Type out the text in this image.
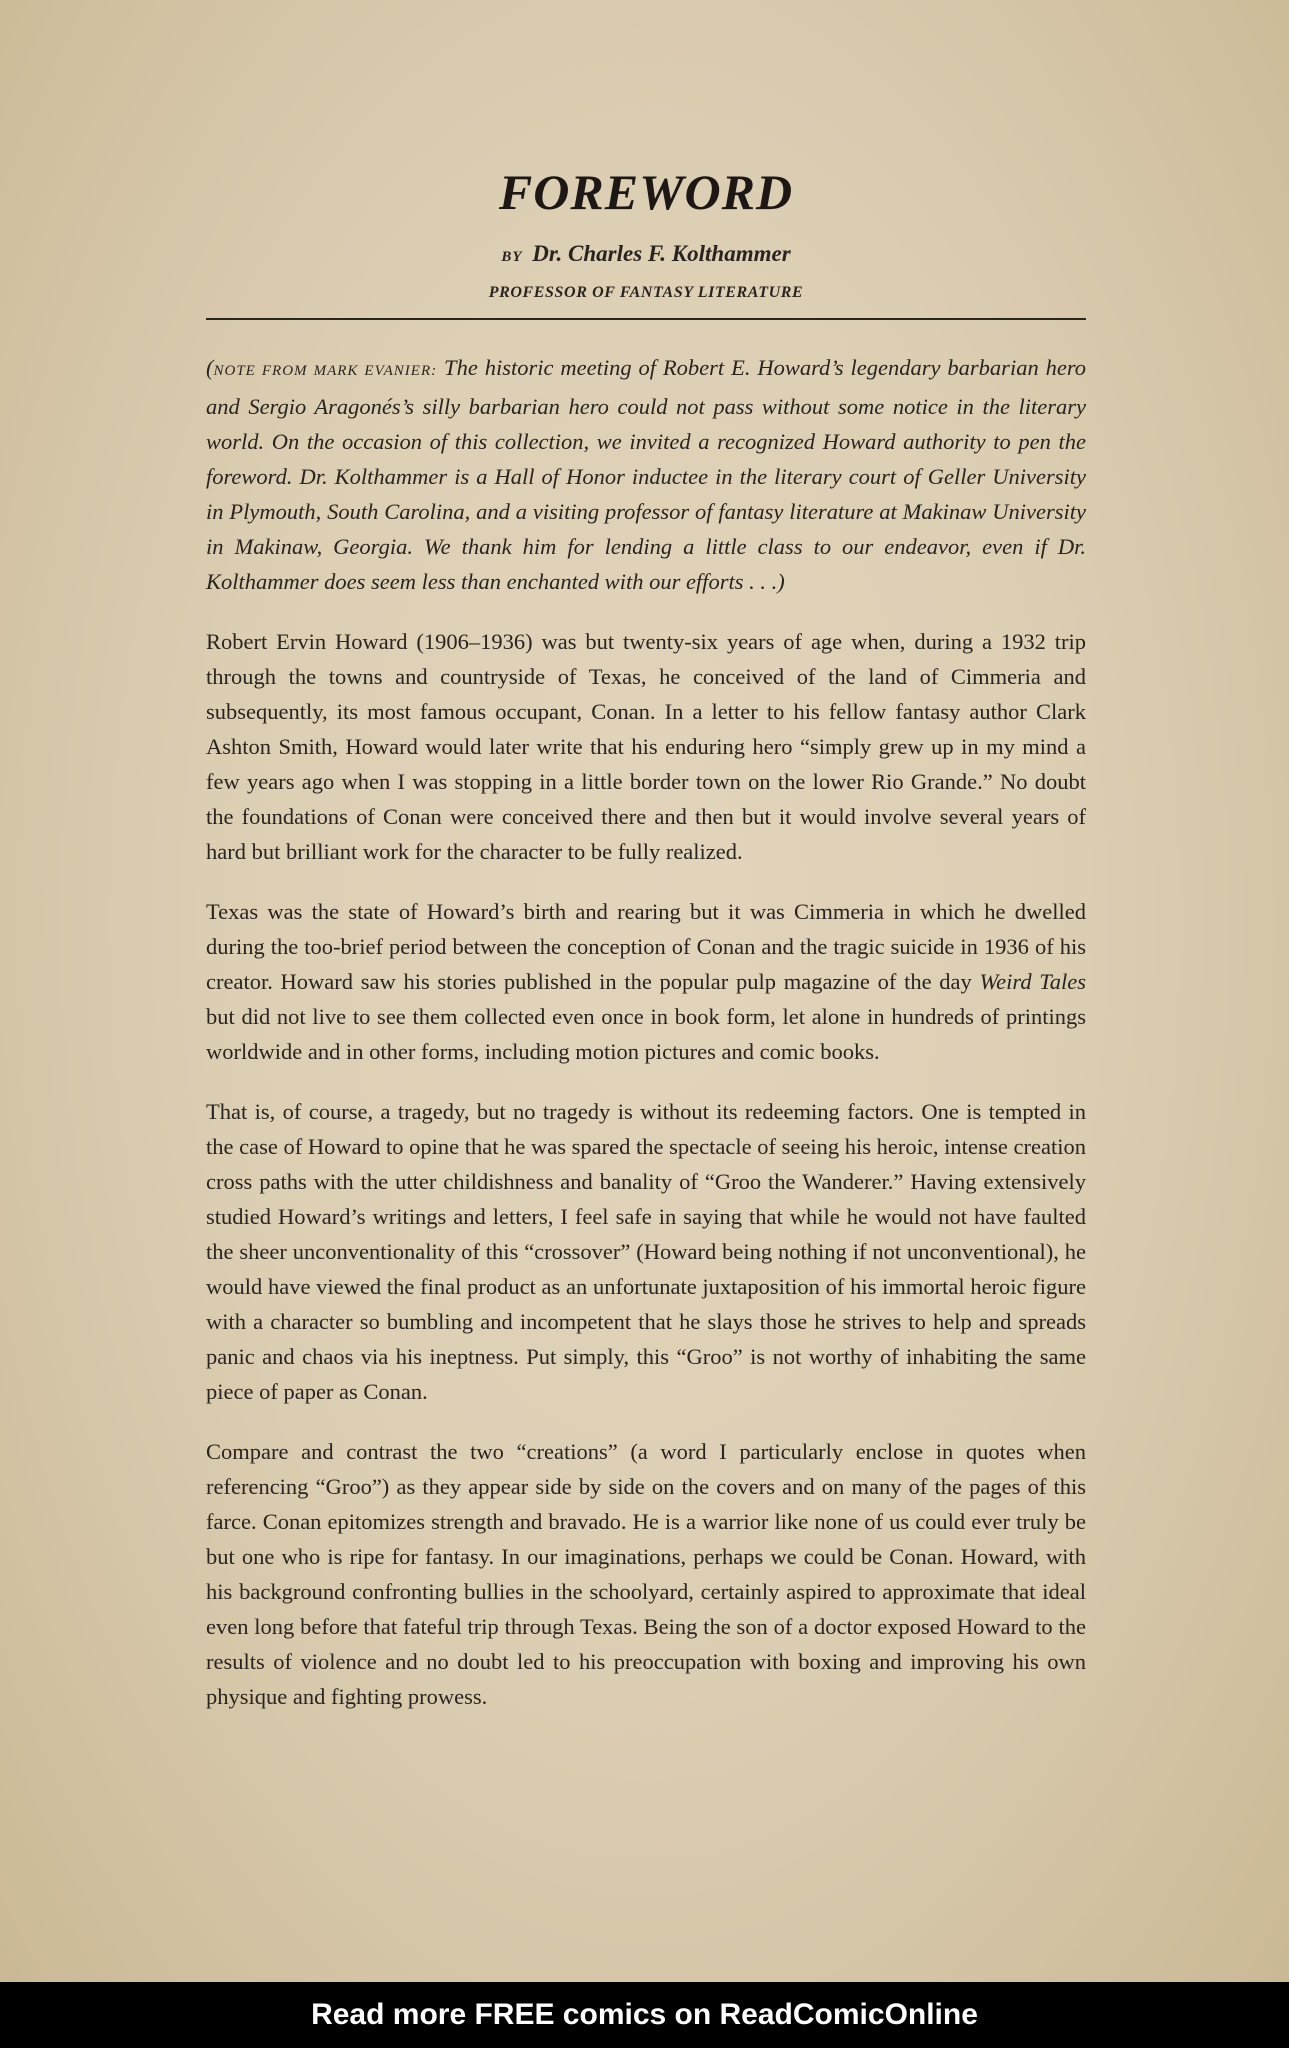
FOREWORD
BY Dr. Charles F. Kolthammer
PROFESSOR OF FANTASY LITERATURE

(NOTE FROM MARK EVANIER: The historic meeting of Robert E. Howard’s legendary barbarian hero and Sergio Aragonés’s silly barbarian hero could not pass without some notice in the literary world. On the occasion of this collection, we invited a recognized Howard authority to pen the foreword. Dr. Kolthammer is a Hall of Honor inductee in the literary court of Geller University in Plymouth, South Carolina, and a visiting professor of fantasy literature at Makinaw University in Makinaw, Georgia. We thank him for lending a little class to our endeavor, even if Dr. Kolthammer does seem less than enchanted with our efforts . . .)

Robert Ervin Howard (1906–1936) was but twenty-six years of age when, during a 1932 trip through the towns and countryside of Texas, he conceived of the land of Cimmeria and subsequently, its most famous occupant, Conan. In a letter to his fellow fantasy author Clark Ashton Smith, Howard would later write that his enduring hero “simply grew up in my mind a few years ago when I was stopping in a little border town on the lower Rio Grande.” No doubt the foundations of Conan were conceived there and then but it would involve several years of hard but brilliant work for the character to be fully realized.

Texas was the state of Howard’s birth and rearing but it was Cimmeria in which he dwelled during the too-brief period between the conception of Conan and the tragic suicide in 1936 of his creator. Howard saw his stories published in the popular pulp magazine of the day Weird Tales but did not live to see them collected even once in book form, let alone in hundreds of printings worldwide and in other forms, including motion pictures and comic books.

That is, of course, a tragedy, but no tragedy is without its redeeming factors. One is tempted in the case of Howard to opine that he was spared the spectacle of seeing his heroic, intense creation cross paths with the utter childishness and banality of “Groo the Wanderer.” Having extensively studied Howard’s writings and letters, I feel safe in saying that while he would not have faulted the sheer unconventionality of this “crossover” (Howard being nothing if not unconventional), he would have viewed the final product as an unfortunate juxtaposition of his immortal heroic figure with a character so bumbling and incompetent that he slays those he strives to help and spreads panic and chaos via his ineptness. Put simply, this “Groo” is not worthy of inhabiting the same piece of paper as Conan.

Compare and contrast the two “creations” (a word I particularly enclose in quotes when referencing “Groo”) as they appear side by side on the covers and on many of the pages of this farce. Conan epitomizes strength and bravado. He is a warrior like none of us could ever truly be but one who is ripe for fantasy. In our imaginations, perhaps we could be Conan. Howard, with his background confronting bullies in the schoolyard, certainly aspired to approximate that ideal even long before that fateful trip through Texas. Being the son of a doctor exposed Howard to the results of violence and no doubt led to his preoccupation with boxing and improving his own physique and fighting prowess.

Read more FREE comics on ReadComicOnline
